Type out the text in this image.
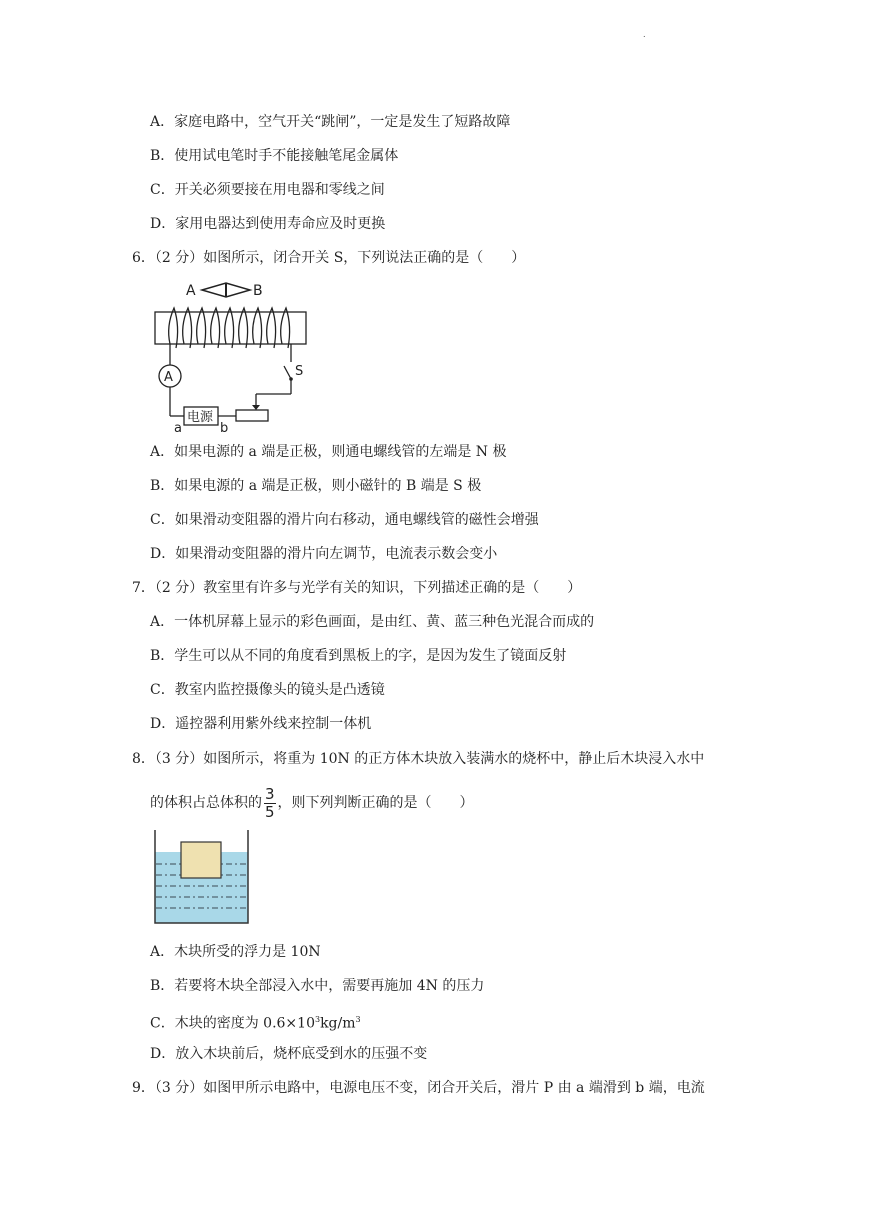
.
A．家庭电路中，空气开关“跳闸”，一定是发生了短路故障
B．使用试电笔时手不能接触笔尾金属体
C．开关必须要接在用电器和零线之间
D．家用电器达到使用寿命应及时更换
6．（2 分）如图所示，闭合开关 S，下列说法正确的是（　　）
A	B
A
电源
a	b
S
A．如果电源的 a 端是正极，则通电螺线管的左端是 N 极
B．如果电源的 a 端是正极，则小磁针的 B 端是 S 极
C．如果滑动变阻器的滑片向右移动，通电螺线管的磁性会增强
D．如果滑动变阻器的滑片向左调节，电流表示数会变小
7．（2 分）教室里有许多与光学有关的知识，下列描述正确的是（　　）
A．一体机屏幕上显示的彩色画面，是由红、黄、蓝三种色光混合而成的
B．学生可以从不同的角度看到黑板上的字，是因为发生了镜面反射
C．教室内监控摄像头的镜头是凸透镜
D．遥控器利用紫外线来控制一体机
8．（3 分）如图所示，将重为 10N 的正方体木块放入装满水的烧杯中，静止后木块浸入水中
的体积占总体积的 $\frac{3}{5}$ ，则下列判断正确的是（　　）
A．木块所受的浮力是 10N
B．若要将木块全部浸入水中，需要再施加 4N 的压力
C．木块的密度为 $0.6\times 10^3kg/m^3$
D．放入木块前后，烧杯底受到水的压强不变
9．（3 分）如图甲所示电路中，电源电压不变，闭合开关后，滑片 P 由 a 端滑到 b 端，电流
